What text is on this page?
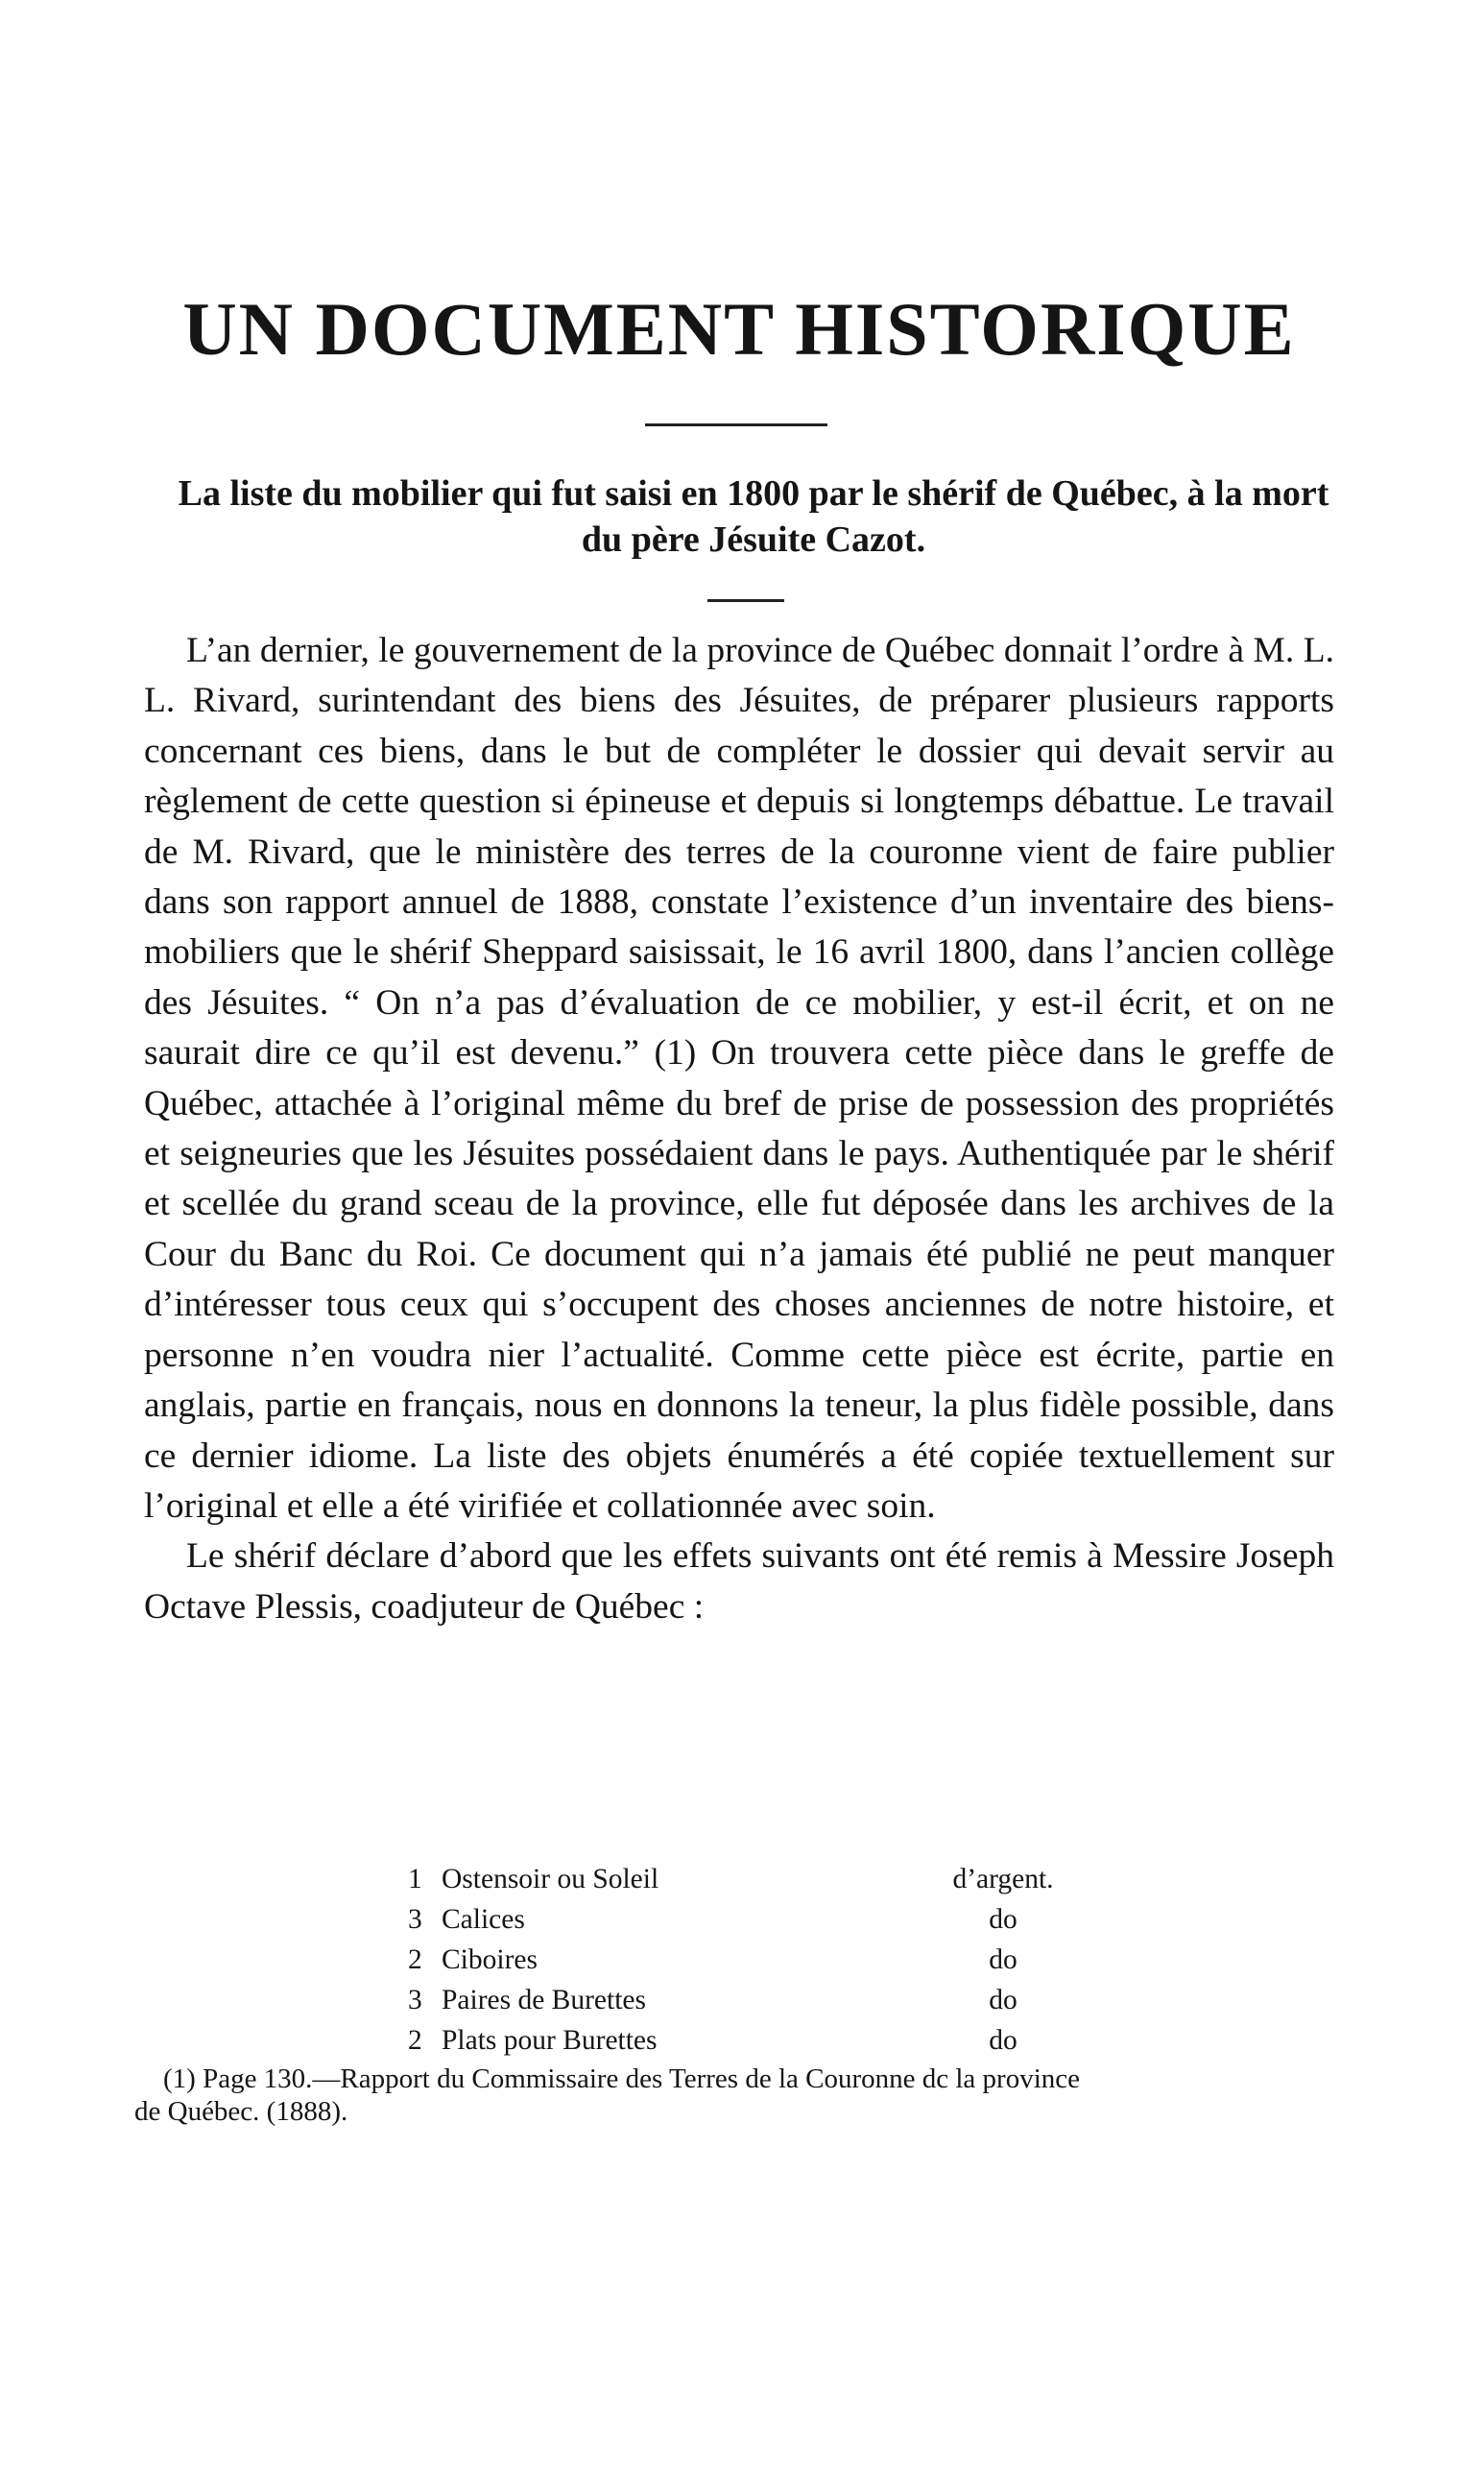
UN DOCUMENT HISTORIQUE
La liste du mobilier qui fut saisi en 1800 par le shérif de Québec, à la mort du père Jésuite Cazot.

L’an dernier, le gouvernement de la province de Québec donnait l’ordre à M. L. L. Rivard, surintendant des biens des Jésuites, de préparer plusieurs rapports concernant ces biens, dans le but de compléter le dossier qui devait servir au règlement de cette question si épineuse et depuis si longtemps débattue. Le travail de M. Rivard, que le ministère des terres de la couronne vient de faire publier dans son rapport annuel de 1888, constate l’existence d’un inventaire des biens-mobiliers que le shérif Sheppard saisissait, le 16 avril 1800, dans l’ancien collège des Jésuites. “ On n’a pas d’évaluation de ce mobilier, y est-il écrit, et on ne saurait dire ce qu’il est devenu.” (1) On trouvera cette pièce dans le greffe de Québec, attachée à l’original même du bref de prise de possession des propriétés et seigneuries que les Jésuites possédaient dans le pays. Authentiquée par le shérif et scellée du grand sceau de la province, elle fut déposée dans les archives de la Cour du Banc du Roi. Ce document qui n’a jamais été publié ne peut manquer d’intéresser tous ceux qui s’occupent des choses anciennes de notre histoire, et personne n’en voudra nier l’actualité. Comme cette pièce est écrite, partie en anglais, partie en français, nous en donnons la teneur, la plus fidèle possible, dans ce dernier idiome. La liste des objets énumérés a été copiée textuellement sur l’original et elle a été virifiée et collationnée avec soin.

Le shérif déclare d’abord que les effets suivants ont été remis à Messire Joseph Octave Plessis, coadjuteur de Québec :

1 Ostensoir ou Soleil	d’argent.
3 Calices	do
2 Ciboires	do
3 Paires de Burettes	do
2 Plats pour Burettes	do

(1) Page 130.—Rapport du Commissaire des Terres de la Couronne dc la province
de Québec. (1888).
